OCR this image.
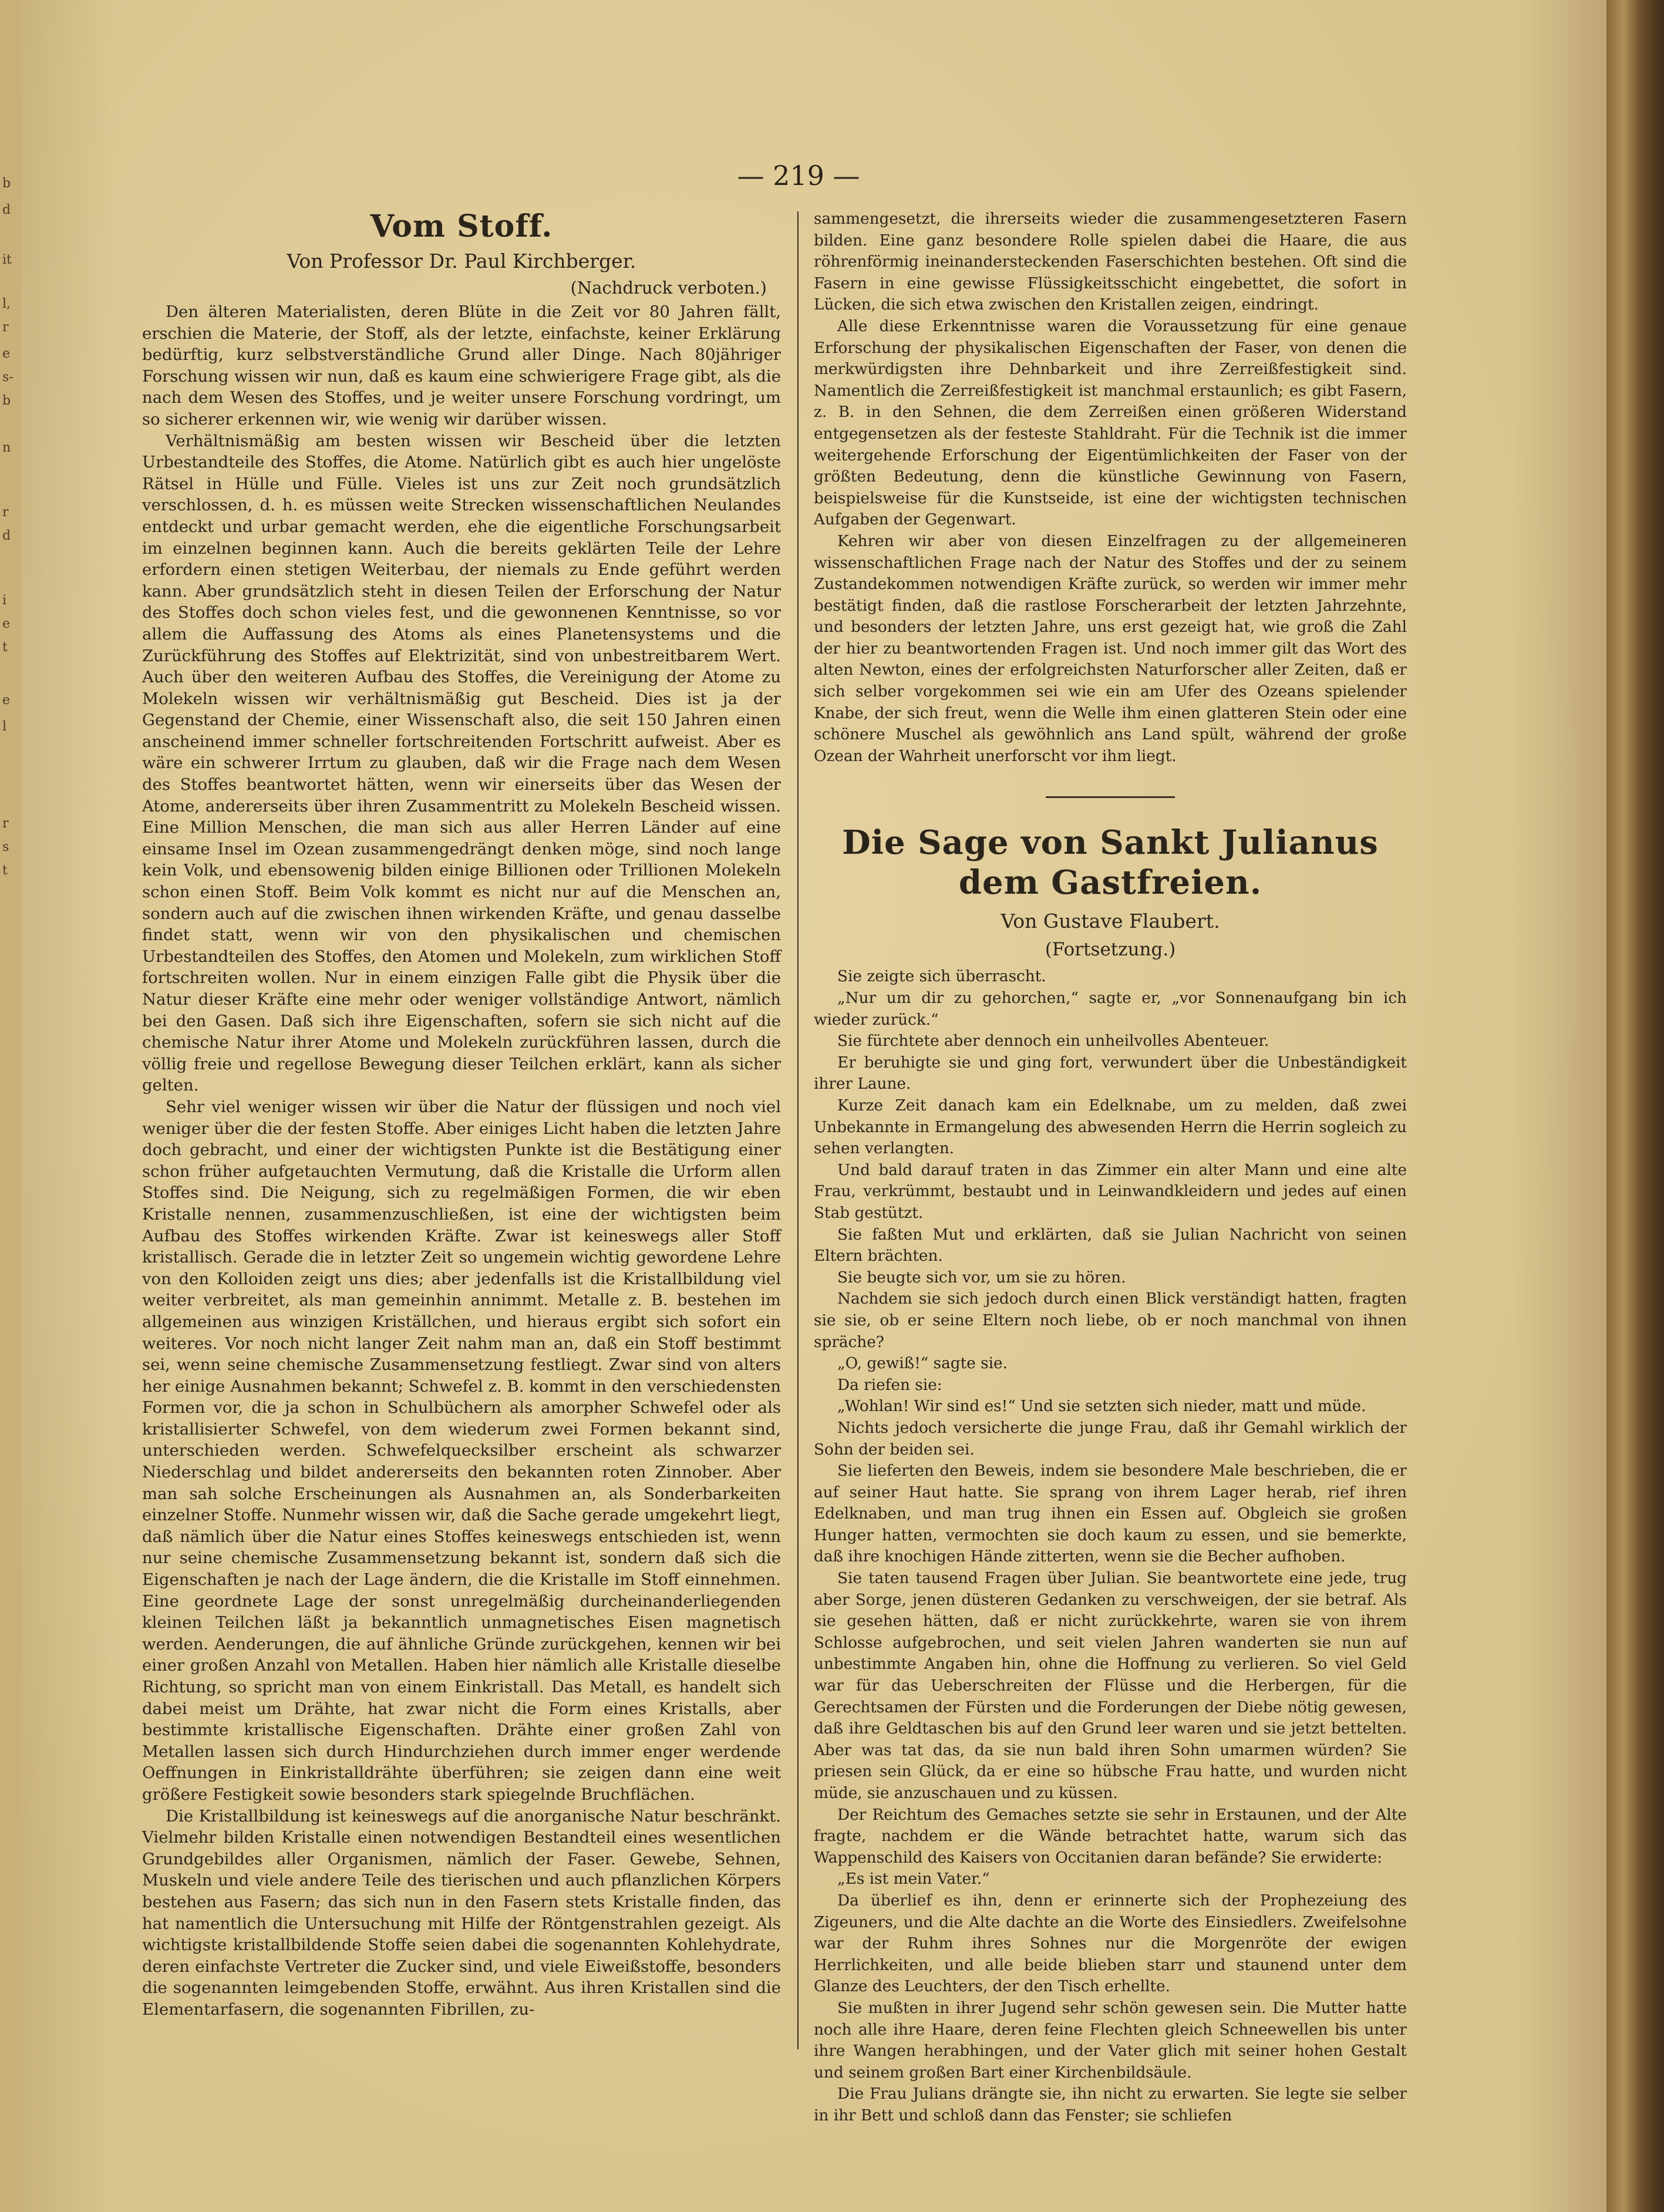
b
d
it
l,
r
e
s-
b
n
r
d
i
e
t
e
l
r
s
t
— 219 —
Vom Stoff.
Von Professor Dr. Paul Kirchberger.
(Nachdruck verboten.)

Den älteren Materialisten, deren Blüte in die Zeit vor 80 Jahren fällt, erschien die Materie, der Stoff, als der letzte, einfachste, keiner Erklärung bedürftig, kurz selbstverständliche Grund aller Dinge. Nach 80jähriger Forschung wissen wir nun, daß es kaum eine schwierigere Frage gibt, als die nach dem Wesen des Stoffes, und je weiter unsere Forschung vordringt, um so sicherer erkennen wir, wie wenig wir darüber wissen.

Verhältnismäßig am besten wissen wir Bescheid über die letzten Urbestandteile des Stoffes, die Atome. Natürlich gibt es auch hier ungelöste Rätsel in Hülle und Fülle. Vieles ist uns zur Zeit noch grundsätzlich verschlossen, d. h. es müssen weite Strecken wissenschaftlichen Neulandes entdeckt und urbar gemacht werden, ehe die eigentliche Forschungsarbeit im einzelnen beginnen kann. Auch die bereits geklärten Teile der Lehre erfordern einen stetigen Weiterbau, der niemals zu Ende geführt werden kann. Aber grundsätzlich steht in diesen Teilen der Erforschung der Natur des Stoffes doch schon vieles fest, und die gewonnenen Kenntnisse, so vor allem die Auffassung des Atoms als eines Planetensystems und die Zurückführung des Stoffes auf Elektrizität, sind von unbestreitbarem Wert. Auch über den weiteren Aufbau des Stoffes, die Vereinigung der Atome zu Molekeln wissen wir verhältnismäßig gut Bescheid. Dies ist ja der Gegenstand der Chemie, einer Wissenschaft also, die seit 150 Jahren einen anscheinend immer schneller fortschreitenden Fortschritt aufweist. Aber es wäre ein schwerer Irrtum zu glauben, daß wir die Frage nach dem Wesen des Stoffes beantwortet hätten, wenn wir einerseits über das Wesen der Atome, andererseits über ihren Zusammentritt zu Molekeln Bescheid wissen. Eine Million Menschen, die man sich aus aller Herren Länder auf eine einsame Insel im Ozean zusammengedrängt denken möge, sind noch lange kein Volk, und ebensowenig bilden einige Billionen oder Trillionen Molekeln schon einen Stoff. Beim Volk kommt es nicht nur auf die Menschen an, sondern auch auf die zwischen ihnen wirkenden Kräfte, und genau dasselbe findet statt, wenn wir von den physikalischen und chemischen Urbestandteilen des Stoffes, den Atomen und Molekeln, zum wirklichen Stoff fortschreiten wollen. Nur in einem einzigen Falle gibt die Physik über die Natur dieser Kräfte eine mehr oder weniger vollständige Antwort, nämlich bei den Gasen. Daß sich ihre Eigenschaften, sofern sie sich nicht auf die chemische Natur ihrer Atome und Molekeln zurückführen lassen, durch die völlig freie und regellose Bewegung dieser Teilchen erklärt, kann als sicher gelten.

Sehr viel weniger wissen wir über die Natur der flüssigen und noch viel weniger über die der festen Stoffe. Aber einiges Licht haben die letzten Jahre doch gebracht, und einer der wichtigsten Punkte ist die Bestätigung einer schon früher aufgetauchten Vermutung, daß die Kristalle die Urform allen Stoffes sind. Die Neigung, sich zu regelmäßigen Formen, die wir eben Kristalle nennen, zusammenzuschließen, ist eine der wichtigsten beim Aufbau des Stoffes wirkenden Kräfte. Zwar ist keineswegs aller Stoff kristallisch. Gerade die in letzter Zeit so ungemein wichtig gewordene Lehre von den Kolloiden zeigt uns dies; aber jedenfalls ist die Kristallbildung viel weiter verbreitet, als man gemeinhin annimmt. Metalle z. B. bestehen im allgemeinen aus winzigen Kriställchen, und hieraus ergibt sich sofort ein weiteres. Vor noch nicht langer Zeit nahm man an, daß ein Stoff bestimmt sei, wenn seine chemische Zusammensetzung festliegt. Zwar sind von alters her einige Ausnahmen bekannt; Schwefel z. B. kommt in den verschiedensten Formen vor, die ja schon in Schulbüchern als amorpher Schwefel oder als kristallisierter Schwefel, von dem wiederum zwei Formen bekannt sind, unterschieden werden. Schwefelquecksilber erscheint als schwarzer Niederschlag und bildet andererseits den bekannten roten Zinnober. Aber man sah solche Erscheinungen als Ausnahmen an, als Sonderbarkeiten einzelner Stoffe. Nunmehr wissen wir, daß die Sache gerade umgekehrt liegt, daß nämlich über die Natur eines Stoffes keineswegs entschieden ist, wenn nur seine chemische Zusammensetzung bekannt ist, sondern daß sich die Eigenschaften je nach der Lage ändern, die die Kristalle im Stoff einnehmen. Eine geordnete Lage der sonst unregelmäßig durcheinanderliegenden kleinen Teilchen läßt ja bekanntlich unmagnetisches Eisen magnetisch werden. Aenderungen, die auf ähnliche Gründe zurückgehen, kennen wir bei einer großen Anzahl von Metallen. Haben hier nämlich alle Kristalle dieselbe Richtung, so spricht man von einem Einkristall. Das Metall, es handelt sich dabei meist um Drähte, hat zwar nicht die Form eines Kristalls, aber bestimmte kristallische Eigenschaften. Drähte einer großen Zahl von Metallen lassen sich durch Hindurchziehen durch immer enger werdende Oeffnungen in Einkristalldrähte überführen; sie zeigen dann eine weit größere Festigkeit sowie besonders stark spiegelnde Bruchflächen.

Die Kristallbildung ist keineswegs auf die anorganische Natur beschränkt. Vielmehr bilden Kristalle einen notwendigen Bestandteil eines wesentlichen Grundgebildes aller Organismen, nämlich der Faser. Gewebe, Sehnen, Muskeln und viele andere Teile des tierischen und auch pflanzlichen Körpers bestehen aus Fasern; das sich nun in den Fasern stets Kristalle finden, das hat namentlich die Untersuchung mit Hilfe der Röntgenstrahlen gezeigt. Als wichtigste kristallbildende Stoffe seien dabei die sogenannten Kohlehydrate, deren einfachste Vertreter die Zucker sind, und viele Eiweißstoffe, besonders die sogenannten leimgebenden Stoffe, erwähnt. Aus ihren Kristallen sind die Elementarfasern, die sogenannten Fibrillen, zu-

sammengesetzt, die ihrerseits wieder die zusammengesetzteren Fasern bilden. Eine ganz besondere Rolle spielen dabei die Haare, die aus röhrenförmig ineinandersteckenden Faserschichten bestehen. Oft sind die Fasern in eine gewisse Flüssigkeitsschicht eingebettet, die sofort in Lücken, die sich etwa zwischen den Kristallen zeigen, eindringt.

Alle diese Erkenntnisse waren die Voraussetzung für eine genaue Erforschung der physikalischen Eigenschaften der Faser, von denen die merkwürdigsten ihre Dehnbarkeit und ihre Zerreißfestigkeit sind. Namentlich die Zerreißfestigkeit ist manchmal erstaunlich; es gibt Fasern, z. B. in den Sehnen, die dem Zerreißen einen größeren Widerstand entgegensetzen als der festeste Stahldraht. Für die Technik ist die immer weitergehende Erforschung der Eigentümlichkeiten der Faser von der größten Bedeutung, denn die künstliche Gewinnung von Fasern, beispielsweise für die Kunstseide, ist eine der wichtigsten technischen Aufgaben der Gegenwart.

Kehren wir aber von diesen Einzelfragen zu der allgemeineren wissenschaftlichen Frage nach der Natur des Stoffes und der zu seinem Zustandekommen notwendigen Kräfte zurück, so werden wir immer mehr bestätigt finden, daß die rastlose Forscherarbeit der letzten Jahrzehnte, und besonders der letzten Jahre, uns erst gezeigt hat, wie groß die Zahl der hier zu beantwortenden Fragen ist. Und noch immer gilt das Wort des alten Newton, eines der erfolgreichsten Naturforscher aller Zeiten, daß er sich selber vorgekommen sei wie ein am Ufer des Ozeans spielender Knabe, der sich freut, wenn die Welle ihm einen glatteren Stein oder eine schönere Muschel als gewöhnlich ans Land spült, während der große Ozean der Wahrheit unerforscht vor ihm liegt.

Die Sage von Sankt Julianus
dem Gastfreien.
Von Gustave Flaubert.
(Fortsetzung.)

Sie zeigte sich überrascht.

„Nur um dir zu gehorchen,“ sagte er, „vor Sonnenaufgang bin ich wieder zurück.“

Sie fürchtete aber dennoch ein unheilvolles Abenteuer.

Er beruhigte sie und ging fort, verwundert über die Unbeständigkeit ihrer Laune.

Kurze Zeit danach kam ein Edelknabe, um zu melden, daß zwei Unbekannte in Ermangelung des abwesenden Herrn die Herrin sogleich zu sehen verlangten.

Und bald darauf traten in das Zimmer ein alter Mann und eine alte Frau, verkrümmt, bestaubt und in Leinwandkleidern und jedes auf einen Stab gestützt.

Sie faßten Mut und erklärten, daß sie Julian Nachricht von seinen Eltern brächten.

Sie beugte sich vor, um sie zu hören.

Nachdem sie sich jedoch durch einen Blick verständigt hatten, fragten sie sie, ob er seine Eltern noch liebe, ob er noch manchmal von ihnen spräche?

„O, gewiß!“ sagte sie.

Da riefen sie:

„Wohlan! Wir sind es!“ Und sie setzten sich nieder, matt und müde.

Nichts jedoch versicherte die junge Frau, daß ihr Gemahl wirklich der Sohn der beiden sei.

Sie lieferten den Beweis, indem sie besondere Male beschrieben, die er auf seiner Haut hatte. Sie sprang von ihrem Lager herab, rief ihren Edelknaben, und man trug ihnen ein Essen auf. Obgleich sie großen Hunger hatten, vermochten sie doch kaum zu essen, und sie bemerkte, daß ihre knochigen Hände zitterten, wenn sie die Becher aufhoben.

Sie taten tausend Fragen über Julian. Sie beantwortete eine jede, trug aber Sorge, jenen düsteren Gedanken zu verschweigen, der sie betraf. Als sie gesehen hätten, daß er nicht zurückkehrte, waren sie von ihrem Schlosse aufgebrochen, und seit vielen Jahren wanderten sie nun auf unbestimmte Angaben hin, ohne die Hoffnung zu verlieren. So viel Geld war für das Ueberschreiten der Flüsse und die Herbergen, für die Gerechtsamen der Fürsten und die Forderungen der Diebe nötig gewesen, daß ihre Geldtaschen bis auf den Grund leer waren und sie jetzt bettelten. Aber was tat das, da sie nun bald ihren Sohn umarmen würden? Sie priesen sein Glück, da er eine so hübsche Frau hatte, und wurden nicht müde, sie anzuschauen und zu küssen.

Der Reichtum des Gemaches setzte sie sehr in Erstaunen, und der Alte fragte, nachdem er die Wände betrachtet hatte, warum sich das Wappenschild des Kaisers von Occitanien daran befände? Sie erwiderte:

„Es ist mein Vater.“

Da überlief es ihn, denn er erinnerte sich der Prophezeiung des Zigeuners, und die Alte dachte an die Worte des Einsiedlers. Zweifelsohne war der Ruhm ihres Sohnes nur die Morgenröte der ewigen Herrlichkeiten, und alle beide blieben starr und staunend unter dem Glanze des Leuchters, der den Tisch erhellte.

Sie mußten in ihrer Jugend sehr schön gewesen sein. Die Mutter hatte noch alle ihre Haare, deren feine Flechten gleich Schneewellen bis unter ihre Wangen herabhingen, und der Vater glich mit seiner hohen Gestalt und seinem großen Bart einer Kirchenbildsäule.

Die Frau Julians drängte sie, ihn nicht zu erwarten. Sie legte sie selber in ihr Bett und schloß dann das Fenster; sie schliefen
